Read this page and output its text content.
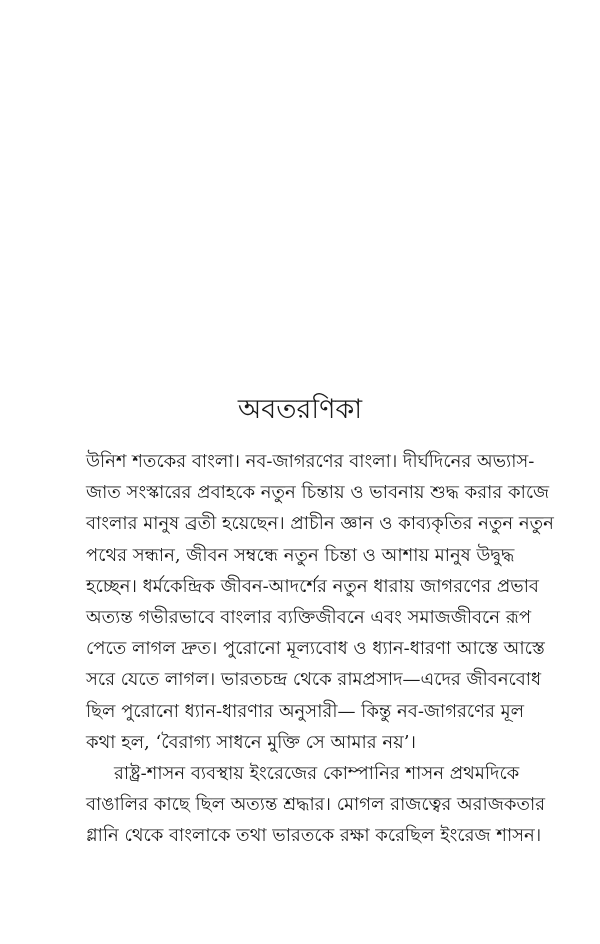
অবতরণিকা
উনিশ শতকের বাংলা। নব-জাগরণের বাংলা। দীর্ঘদিনের অভ্যাস-
জাত সংস্কারের প্রবাহকে নতুন চিন্তায় ও ভাবনায় শুদ্ধ করার কাজে
বাংলার মানুষ ব্রতী হয়েছেন। প্রাচীন জ্ঞান ও কাব্যকৃতির নতুন নতুন
পথের সন্ধান, জীবন সম্বন্ধে নতুন চিন্তা ও আশায় মানুষ উদ্বুদ্ধ
হচ্ছেন। ধর্মকেন্দ্রিক জীবন-আদর্শের নতুন ধারায় জাগরণের প্রভাব
অত্যন্ত গভীরভাবে বাংলার ব্যক্তিজীবনে এবং সমাজজীবনে রূপ
পেতে লাগল দ্রুত। পুরোনো মূল্যবোধ ও ধ্যান-ধারণা আস্তে আস্তে
সরে যেতে লাগল। ভারতচন্দ্র থেকে রামপ্রসাদ—এদের জীবনবোধ
ছিল পুরোনো ধ্যান-ধারণার অনুসারী— কিন্তু নব-জাগরণের মূল
কথা হল, ‘বৈরাগ্য সাধনে মুক্তি সে আমার নয়’।
রাষ্ট্র-শাসন ব্যবস্থায় ইংরেজের কোম্পানির শাসন প্রথমদিকে
বাঙালির কাছে ছিল অত্যন্ত শ্রদ্ধার। মোগল রাজত্বের অরাজকতার
গ্লানি থেকে বাংলাকে তথা ভারতকে রক্ষা করেছিল ইংরেজ শাসন।
